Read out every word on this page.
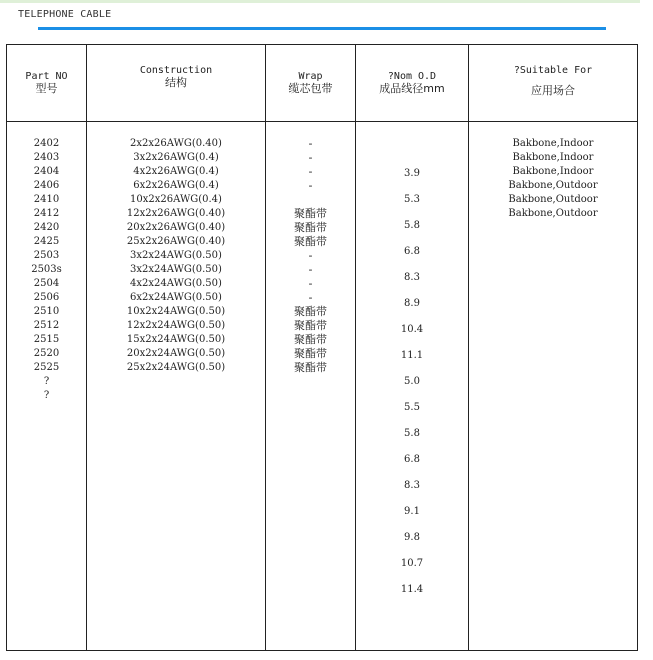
TELEPHONE CABLE
Part NO
型号
Construction
结构	Wrap
缆芯包带
?Nom O.D
成品线径mm
?Suitable For
应用场合
2402
2403
2404
2406
2410
2412
2420
2425
2503
2503s
2504
2506
2510
2512
2515
2520
2525
?
?
2x2x26AWG(0.40)
3x2x26AWG(0.4)
4x2x26AWG(0.4)
6x2x26AWG(0.4)
10x2x26AWG(0.4)
12x2x26AWG(0.40)
20x2x26AWG(0.40)
25x2x26AWG(0.40)
3x2x24AWG(0.50)
3x2x24AWG(0.50)
4x2x24AWG(0.50)
6x2x24AWG(0.50)
10x2x24AWG(0.50)
12x2x24AWG(0.50)
15x2x24AWG(0.50)
20x2x24AWG(0.50)
25x2x24AWG(0.50)
-
-
-
-
聚酯带
聚酯带
聚酯带
-
-
-
-
聚酯带
聚酯带
聚酯带
聚酯带
聚酯带
3.9
5.3
5.8
6.8
8.3
8.9
10.4
11.1
5.0
5.5
5.8
6.8
8.3
9.1
9.8
10.7
11.4
Bakbone,Indoor
Bakbone,Indoor
Bakbone,Indoor
Bakbone,Outdoor
Bakbone,Outdoor
Bakbone,Outdoor
